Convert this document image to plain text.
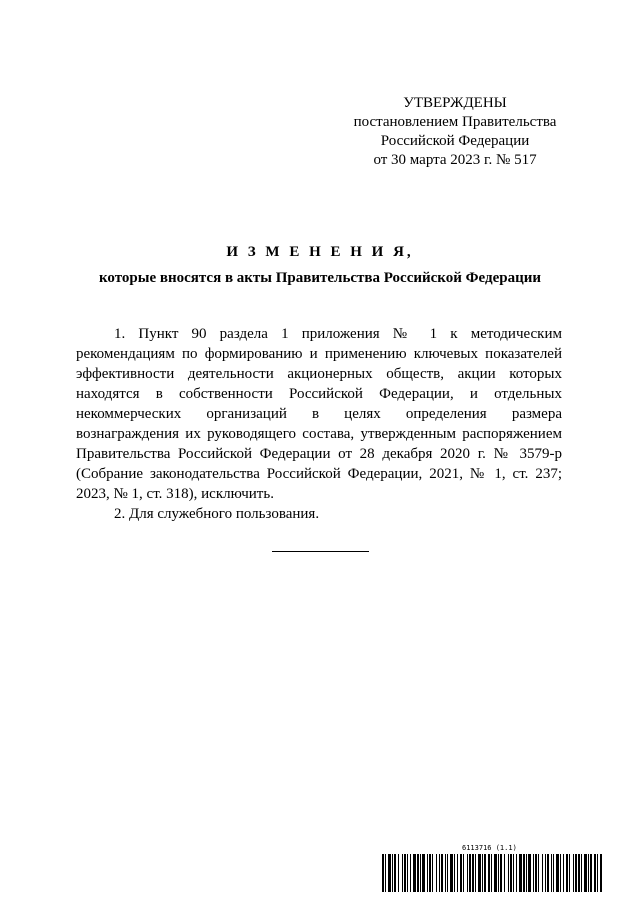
УТВЕРЖДЕНЫ
постановлением Правительства
Российской Федерации
от 30 марта 2023 г. № 517
И З М Е Н Е Н И Я,
которые вносятся в акты Правительства Российской Федерации
1. Пункт 90 раздела 1 приложения № 1 к методическим
рекомендациям по формированию и применению ключевых показателей
эффективности деятельности акционерных обществ, акции которых
находятся в собственности Российской Федерации, и отдельных
некоммерческих организаций в целях определения размера
вознаграждения их руководящего состава, утвержденным распоряжением
Правительства Российской Федерации от 28 декабря 2020 г. № 3579-р
(Собрание законодательства Российской Федерации, 2021, № 1, ст. 237;
2023, № 1, ст. 318), исключить.
2. Для служебного пользования.
6113716 (1.1)
